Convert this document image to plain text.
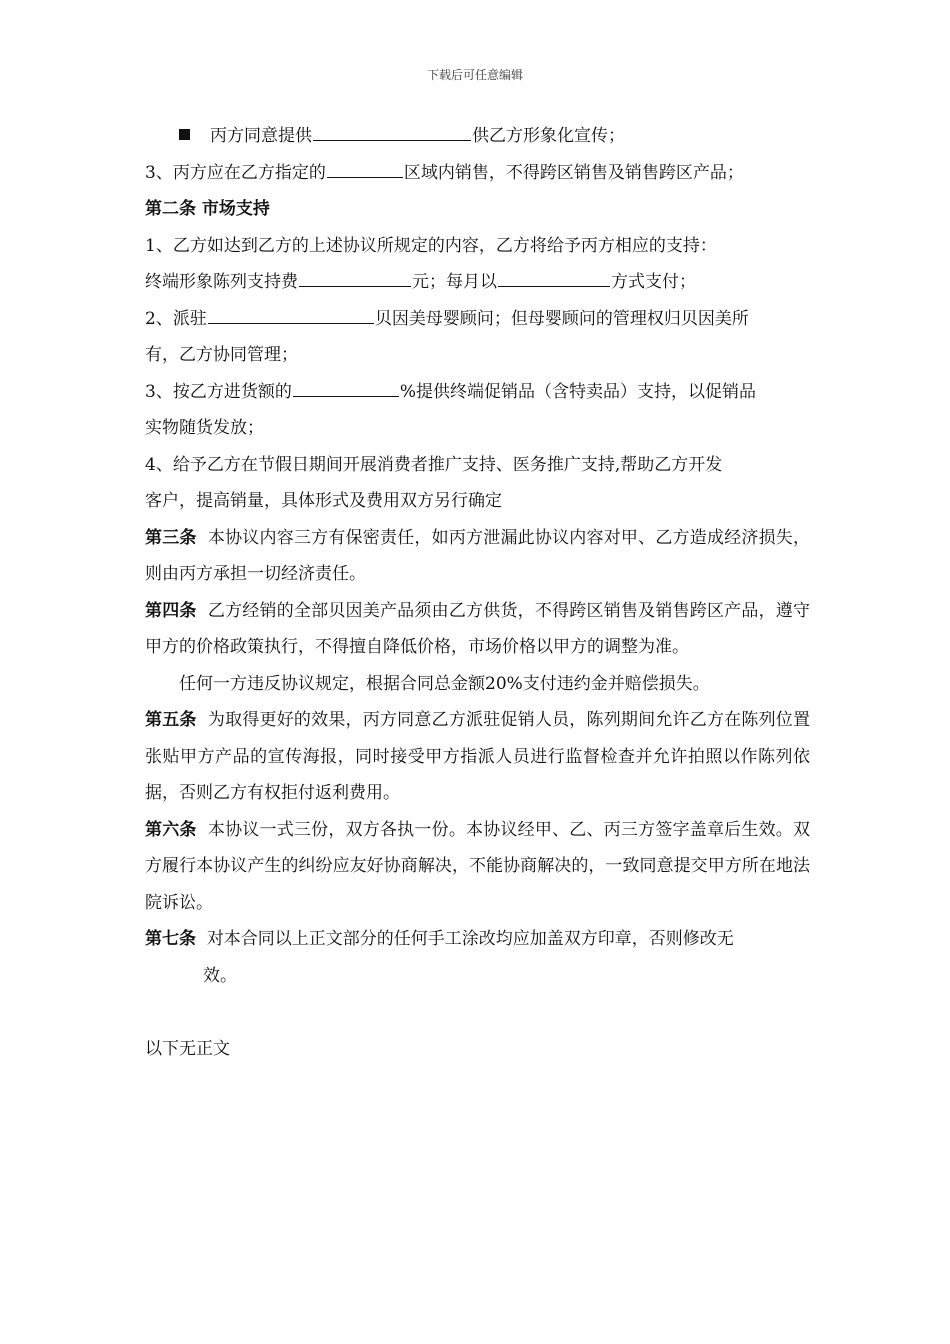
下载后可任意编辑
丙方同意提供	供乙方形象化宣传；
3、丙方应在乙方指定的	区域内销售，不得跨区销售及销售跨区产品；
第二条 市场支持
1、乙方如达到乙方的上述协议所规定的内容，乙方将给予丙方相应的支持：
终端形象陈列支持费	元；每月以	方式支付；
2、派驻	贝因美母婴顾问；但母婴顾问的管理权归贝因美所
有，乙方协同管理；
3、按乙方进货额的	%提供终端促销品（含特卖品）支持，以促销品
实物随货发放；
4、给予乙方在节假日期间开展消费者推广支持、医务推广支持,帮助乙方开发
客户，提高销量，具体形式及费用双方另行确定
第三条 本协议内容三方有保密责任，如丙方泄漏此协议内容对甲、乙方造成经济损失，则由丙方承担一切经济责任。
第四条 乙方经销的全部贝因美产品须由乙方供货，不得跨区销售及销售跨区产品，遵守甲方的价格政策执行，不得擅自降低价格，市场价格以甲方的调整为准。
任何一方违反协议规定，根据合同总金额20%支付违约金并赔偿损失。
第五条 为取得更好的效果，丙方同意乙方派驻促销人员，陈列期间允许乙方在陈列位置张贴甲方产品的宣传海报，同时接受甲方指派人员进行监督检查并允许拍照以作陈列依据，否则乙方有权拒付返利费用。
第六条 本协议一式三份，双方各执一份。本协议经甲、乙、丙三方签字盖章后生效。双方履行本协议产生的纠纷应友好协商解决，不能协商解决的，一致同意提交甲方所在地法院诉讼。
第七条 对本合同以上正文部分的任何手工涂改均应加盖双方印章，否则修改无
效。
以下无正文
